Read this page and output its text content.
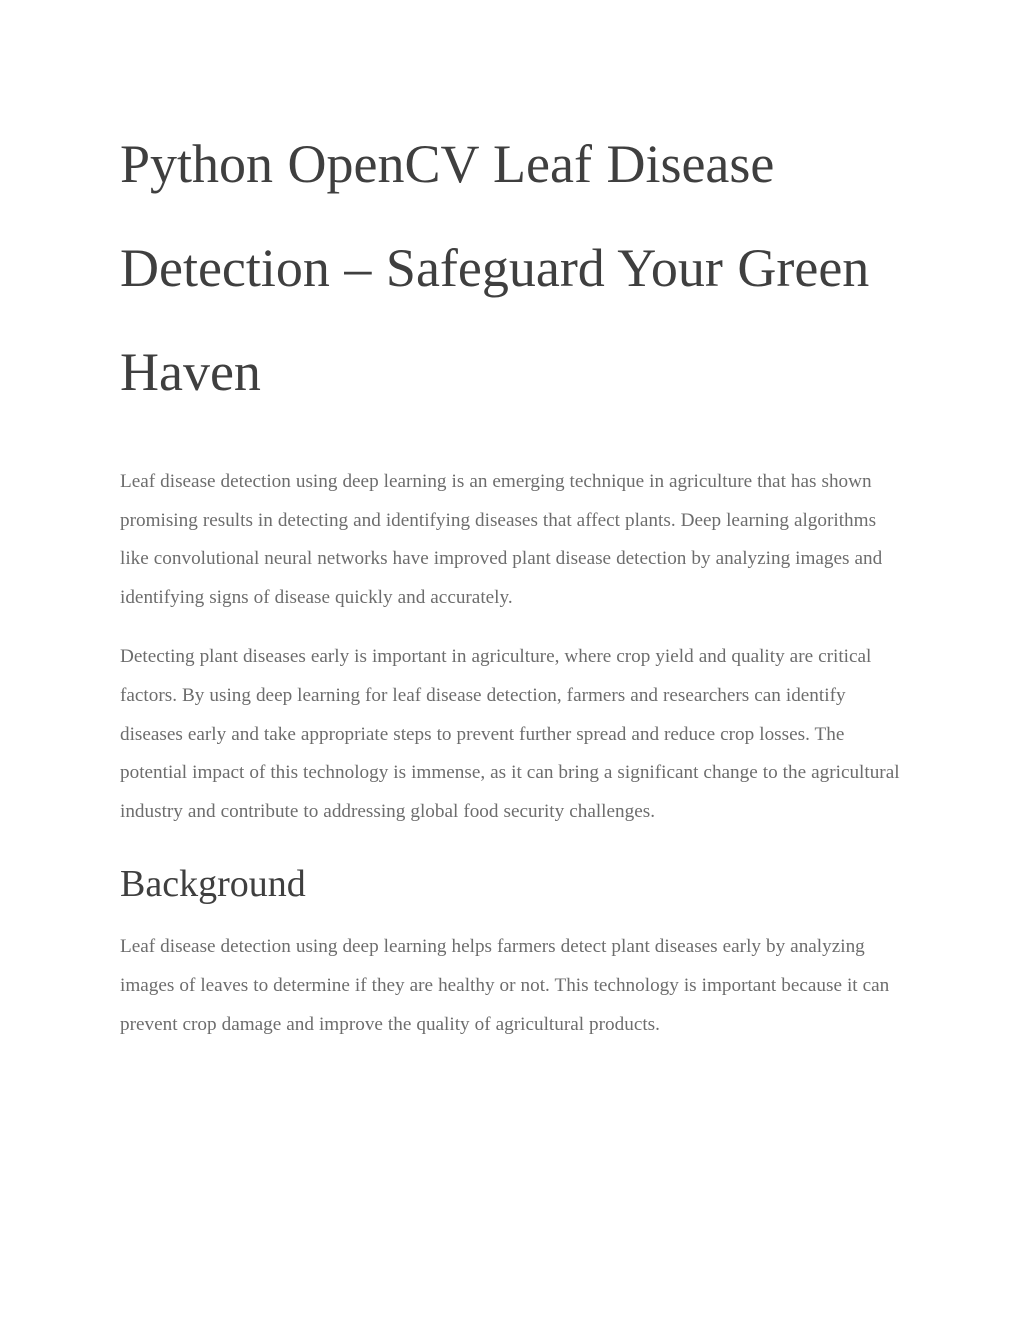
Python OpenCV Leaf Disease Detection – Safeguard Your Green Haven

Leaf disease detection using deep learning is an emerging technique in agriculture that has shown promising results in detecting and identifying diseases that affect plants. Deep learning algorithms like convolutional neural networks have improved plant disease detection by analyzing images and identifying signs of disease quickly and accurately.

Detecting plant diseases early is important in agriculture, where crop yield and quality are critical factors. By using deep learning for leaf disease detection, farmers and researchers can identify diseases early and take appropriate steps to prevent further spread and reduce crop losses. The potential impact of this technology is immense, as it can bring a significant change to the agricultural industry and contribute to addressing global food security challenges.

Background

Leaf disease detection using deep learning helps farmers detect plant diseases early by analyzing images of leaves to determine if they are healthy or not. This technology is important because it can prevent crop damage and improve the quality of agricultural products.
